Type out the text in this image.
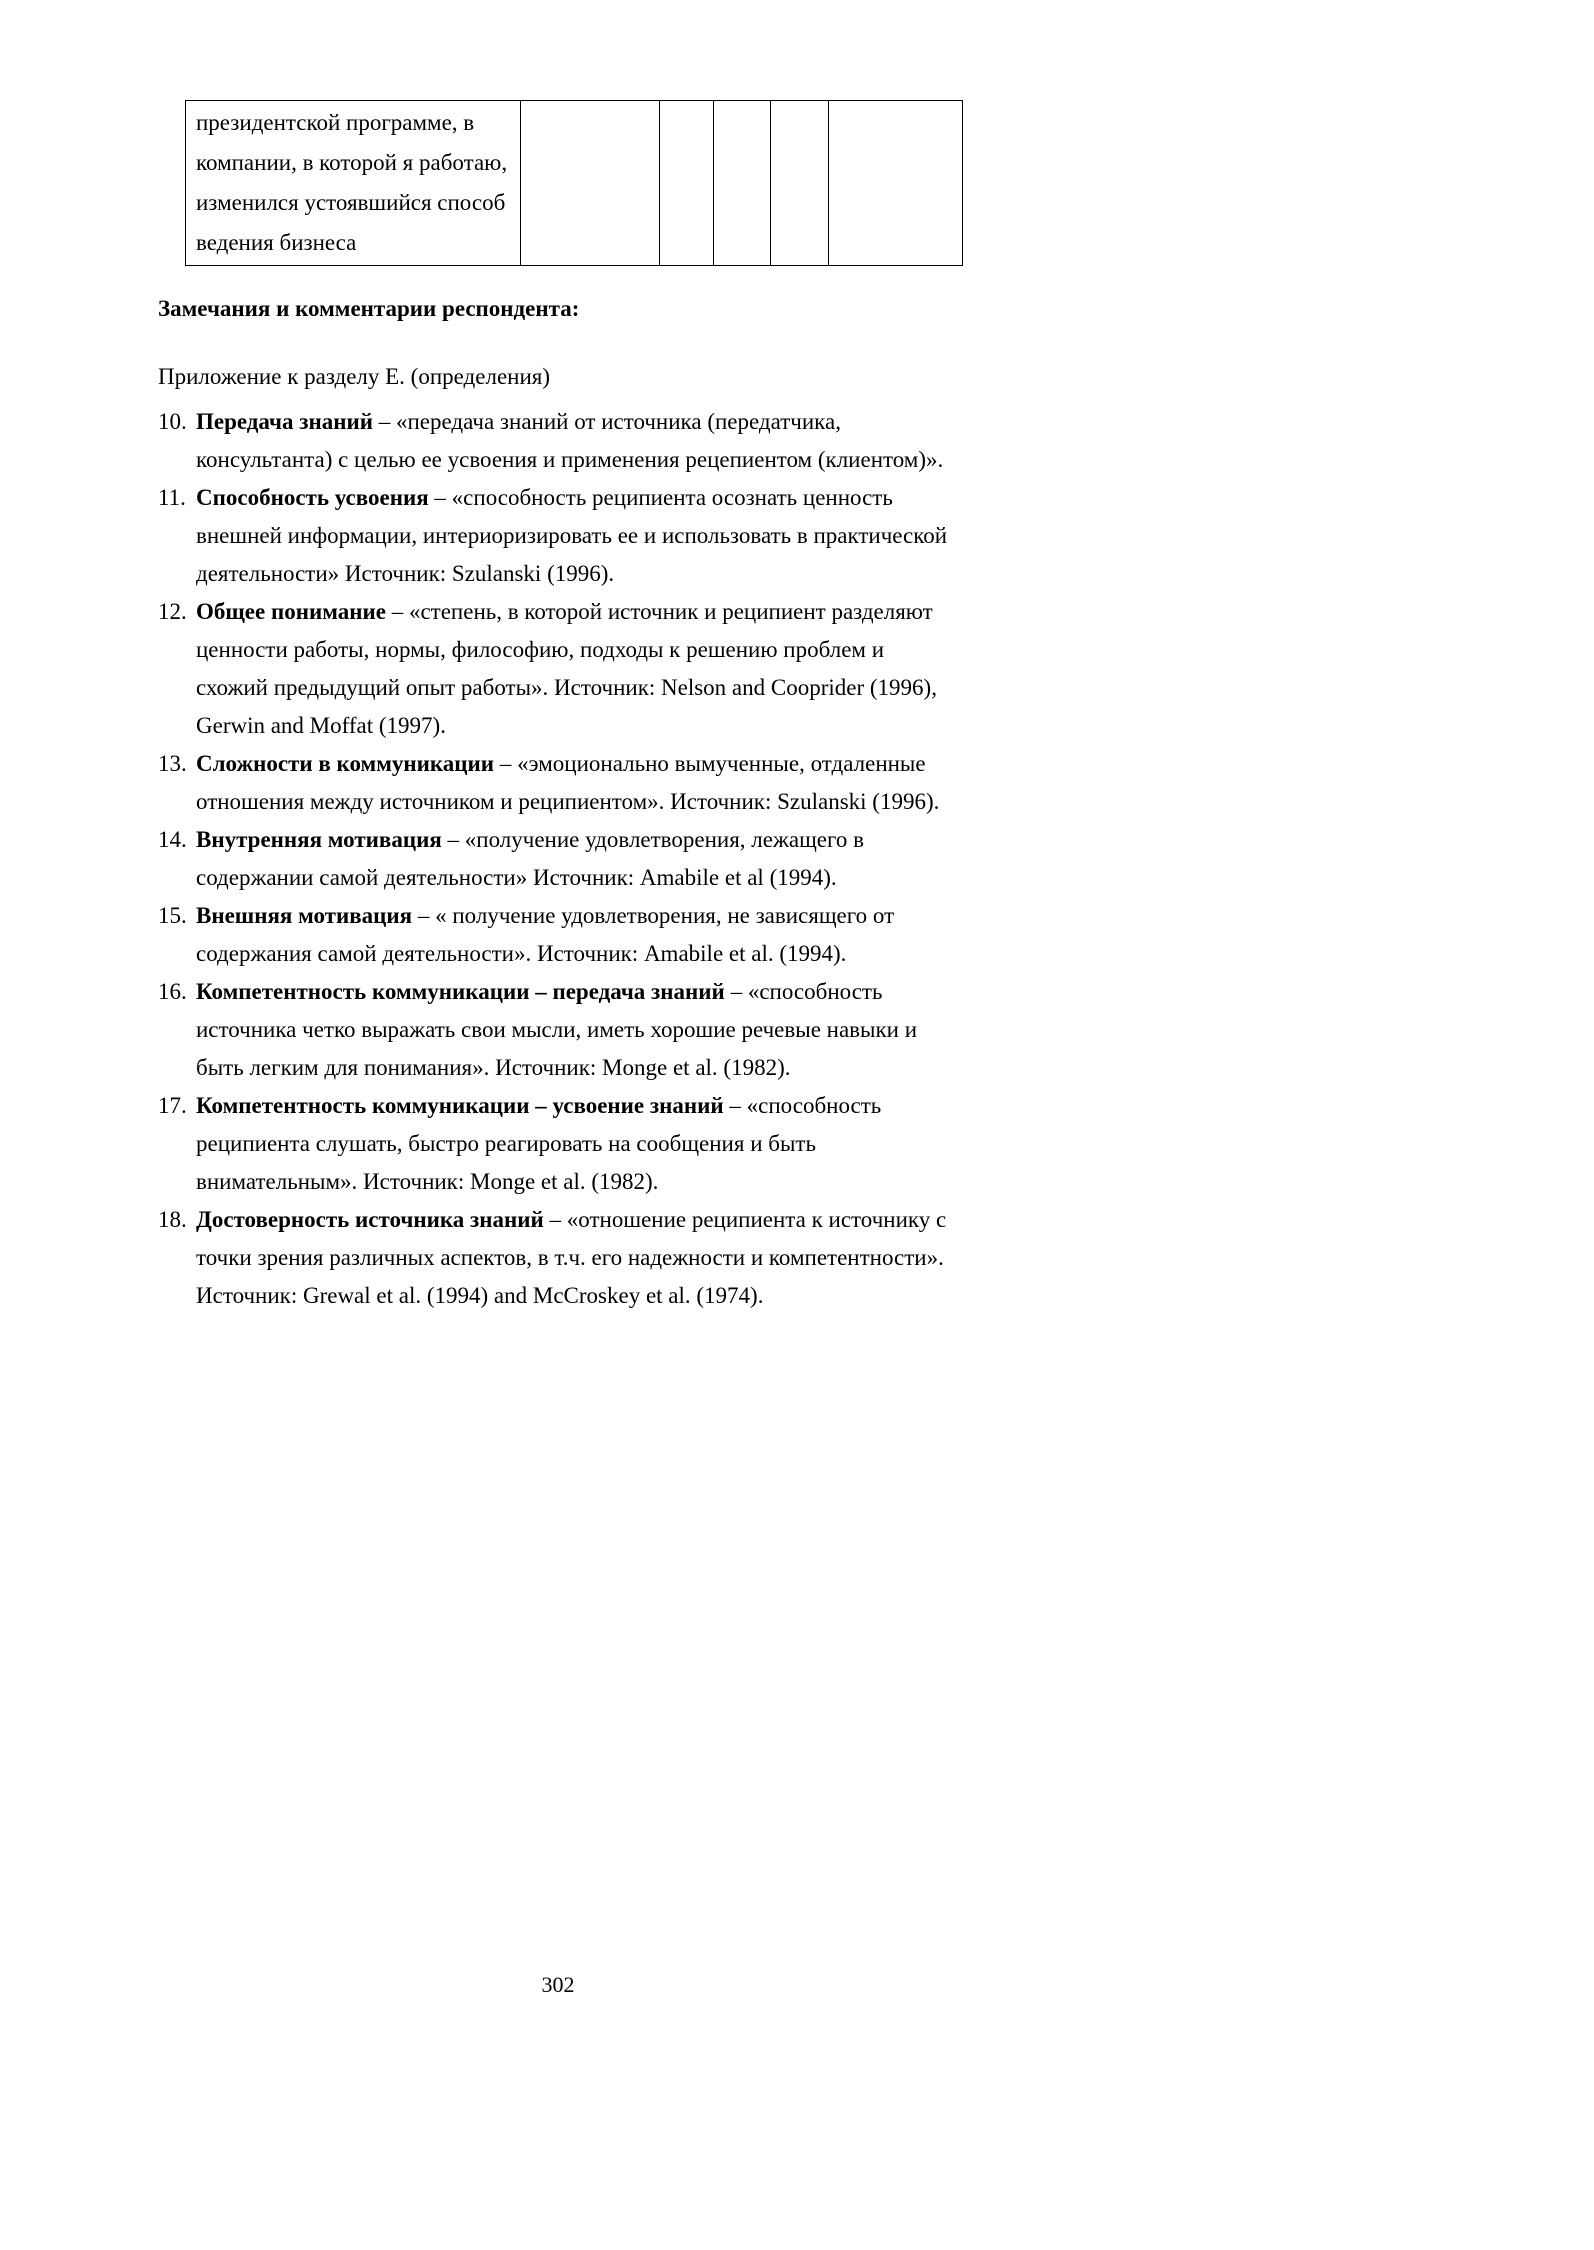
президентской программе, в
компании, в которой я работаю,
изменился устоявшийся способ
ведения бизнеса

Замечания и комментарии респондента:
Приложение к разделу Е. (определения)
10. Передача знаний – «передача знаний от источника (передатчика, консультанта) с целью ее усвоения и применения рецепиентом (клиентом)».
11. Способность усвоения – «способность реципиента осознать ценность внешней информации, интериоризировать ее и использовать в практической деятельности» Источник: Szulanski (1996).
12. Общее понимание – «степень, в которой источник и реципиент разделяют ценности работы, нормы, философию, подходы к решению проблем и схожий предыдущий опыт работы». Источник: Nelson and Cooprider (1996), Gerwin and Moffat (1997).
13. Сложности в коммуникации – «эмоционально вымученные, отдаленные отношения между источником и реципиентом». Источник: Szulanski (1996).
14. Внутренняя мотивация – «получение удовлетворения, лежащего в содержании самой деятельности» Источник: Amabile et al (1994).
15. Внешняя мотивация – « получение удовлетворения, не зависящего от содержания самой деятельности». Источник: Amabile et al. (1994).
16. Компетентность коммуникации – передача знаний – «способность источника четко выражать свои мысли, иметь хорошие речевые навыки и быть легким для понимания». Источник: Monge et al. (1982).
17. Компетентность коммуникации – усвоение знаний – «способность реципиента слушать, быстро реагировать на сообщения и быть внимательным». Источник: Monge et al. (1982).
18. Достоверность источника знаний – «отношение реципиента к источнику с точки зрения различных аспектов, в т.ч. его надежности и компетентности». Источник: Grewal et al. (1994) and McCroskey et al. (1974).
302
